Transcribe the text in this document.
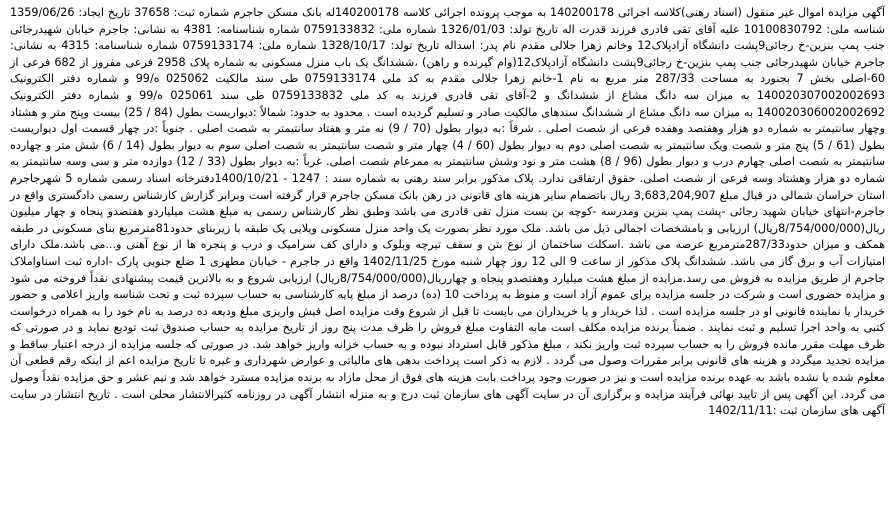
آگهی مزایده اموال غیر منقول (اسناد رهنی)کلاسه اجرائی 140200178 به موجب پرونده اجرائی کلاسه 140200178له بانک مسکن جاجرم شماره ثبت: 37658 تاریخ ایجاد: 1359/06/26 شناسه ملی: 10100830792 علیه آقای تقی قادری فرزند قدرت اله تاریخ تولد: 1326/01/03 شماره ملی: 0759133832 شماره شناسنامه: 4381 به نشانی: جاجرم خیابان شهیدرجائی جنب پمپ بنزین-خ رجائی9پشت دانشگاه آزادپلاک12 وخانم زهرا جلالی مقدم نام پدر: اسداله تاریخ تولد: 1328/10/17 شماره ملی: 0759133174 شماره شناسنامه: 4315 به نشانی: جاجرم خیابان شهیدرجائی جنب پمپ بنزین-خ رجائی9پشت دانشگاه آزادپلاک12(وام گیرنده و راهن) ،ششدانگ یک باب منزل مسکونی به شماره پلاک 2958 فرعی مفروز از 682 فرعی از 60-اصلی بخش 7 بجنورد به مساحت 287/33 متر مربع به نام 1-خانم زهرا جلالی مقدم به کد ملی 0759133174 طی سند مالکیت 025062 ه/99 و شماره دفتر الکترونیک 140020307002002693 به میزان سه دانگ مشاع از ششدانگ و 2-آقای تقی قادری فرزند به کد ملی 0759133832 طی سند 025061 ه/99 و شماره دفتر الکترونیک 140020306002002692 به میزان سه دانگ مشاع از ششدانگ سندهای مالکیت صادر و تسلیم گردیده است . محدود به حدود: شمالاً :دیواریست بطول (84 / 25) بیست وپنج متر و هشتاد وچهار سانتیمتر به شماره دو هزار وهفتصد وهفده فرعی از شصت اصلی . شرقاً :به دیوار بطول (70 / 9) نه متر و هفتاد سانتیمتر به شصت اصلی . جنوباً :در چهار قسمت اول دیواریست بطول (61 / 5) پنج متر و شصت ویک سانتیمتر به شصت اصلی دوم به دیوار بطول (60 / 4) چهار متر و شصت سانتیمتر به شصت اصلی سوم به دیوار بطول (14 / 6) شش متر و چهارده سانتیمتر به شصت اصلی چهارم درب و دیوار بطول (96 / 8) هشت متر و نود وشش سانتیمتر به ممرعام شصت اصلی. غرباً :به دیوار بطول (33 / 12) دوازده متر و سی وسه سانتیمتر به شماره دو هزار وهشتاد وسه فرعی از شصت اصلی. حقوق ارتفاقی ندارد. پلاک مذکور برابر سند رهنی به شماره سند : 1247 - 1400/10/21دفترخانه اسناد رسمی شماره 5 شهرجاجرم استان خراسان شمالی در قبال مبلغ 3,683,204,907 ریال باتضمام سایر هزینه های قانونی در رهن بانک مسکن جاجرم قرار گرفته است وبرابر گزارش کارشناس رسمی دادگستری واقع در جاجرم-انتهای خیابان شهید رجائی -پشت پمپ بنزین ومدرسه -کوچه بن بست منزل تقی قادری می باشد وطبق نظر کارشناس رسمی به مبلغ هشت میلیاردو هفتصدو پنجاه و چهار میلیون ریال(8/754/000/000ریال) ارزیابی و بامشخصات اجمالی ذیل می باشد. ملک مورد نظر بصورت یک واحد منزل مسکونی ویلایی یک طبقه با زیربنای حدود81مترمربع بنای مسکونی در طبقه همکف و میزان حدود287/33مترمربع عرصه می باشد .اسکلت ساختمان از نوع بتن و سقف تیرچه وبلوک و دارای کف سرامیک و درب و پنجره ها از نوع آهنی و...می باشد.ملک دارای امتیازات آب و برق گاز می باشد. ششدانگ پلاک مذکور از ساعت 9 الی 12 روز چهار شنبه مورخ 1402/11/25 واقع در جاجرم - خیابان مطهری 1 ضلع جنوبی پارک -اداره ثبت اسناواملاک جاجرم از طریق مزایده به فروش می رسد.مزایده از مبلغ هشت میلیارد وهفتصدو پنجاه و چهارریال(8/754/000/000ریال) ارزیابی شروع و به بالاترین قیمت پیشنهادی نقداً فروخته می شود و مزایده حضوری است و شرکت در جلسه مزایده برای عموم آزاد است و منوط به پرداخت 10 (ده) درصد از مبلغ پایه کارشناسی به حساب سپرده ثبت و تحت شناسه واریز اعلامی و حضور خریدار یا نماینده قانونی او در جلسه مزایده است . لذا خریدار و یا خریداران می بایست تا قبل از شروع وقت مزایده اصل فیش واریزی مبلغ ودیعه ده درصد به نام خود را به همراه درخواست کتبی به واحد اجرا تسلیم و ثبت نمایند . ضمناً برنده مزایده مکلف است مابه التفاوت مبلغ فروش را ظرف مدت پنج روز از تاریخ مزایده به حساب صندوق ثبت تودیع نماید و در صورتی که ظرف مهلت مقرر مانده فروش را به حساب سپرده ثبت واریز نکند ، مبلغ مذکور قابل استرداد نبوده و به حساب خزانه واریز خواهد شد. در صورتی که جلسه مزایده از درجه اعتبار ساقط و مزایده تجدید میگردد و هزینه های قانونی برابر مقررات وصول می گردد . لازم به ذکر است پرداخت بدهی های مالیاتی و عوارض شهرداری و غیره تا تاریخ مزایده اعم از اینکه رقم قطعی آن معلوم شده یا نشده باشد به عهده برنده مزایده است و نیز در صورت وجود پرداخت بابت هزینه های فوق از محل مازاد به برنده مزایده مسترد خواهد شد و نیم عشر و حق مزایده نقداً وصول می گردد. این آگهی پس از تایید نهائی فرآیند مزایده و برگزاری آن در سایت آگهی های سازمان ثبت درج و به منزله انتشار آگهی در روزنامه کثیرالانتشار محلی است . تاریخ انتشار در سایت آگهی های سازمان ثبت :1402/11/11
